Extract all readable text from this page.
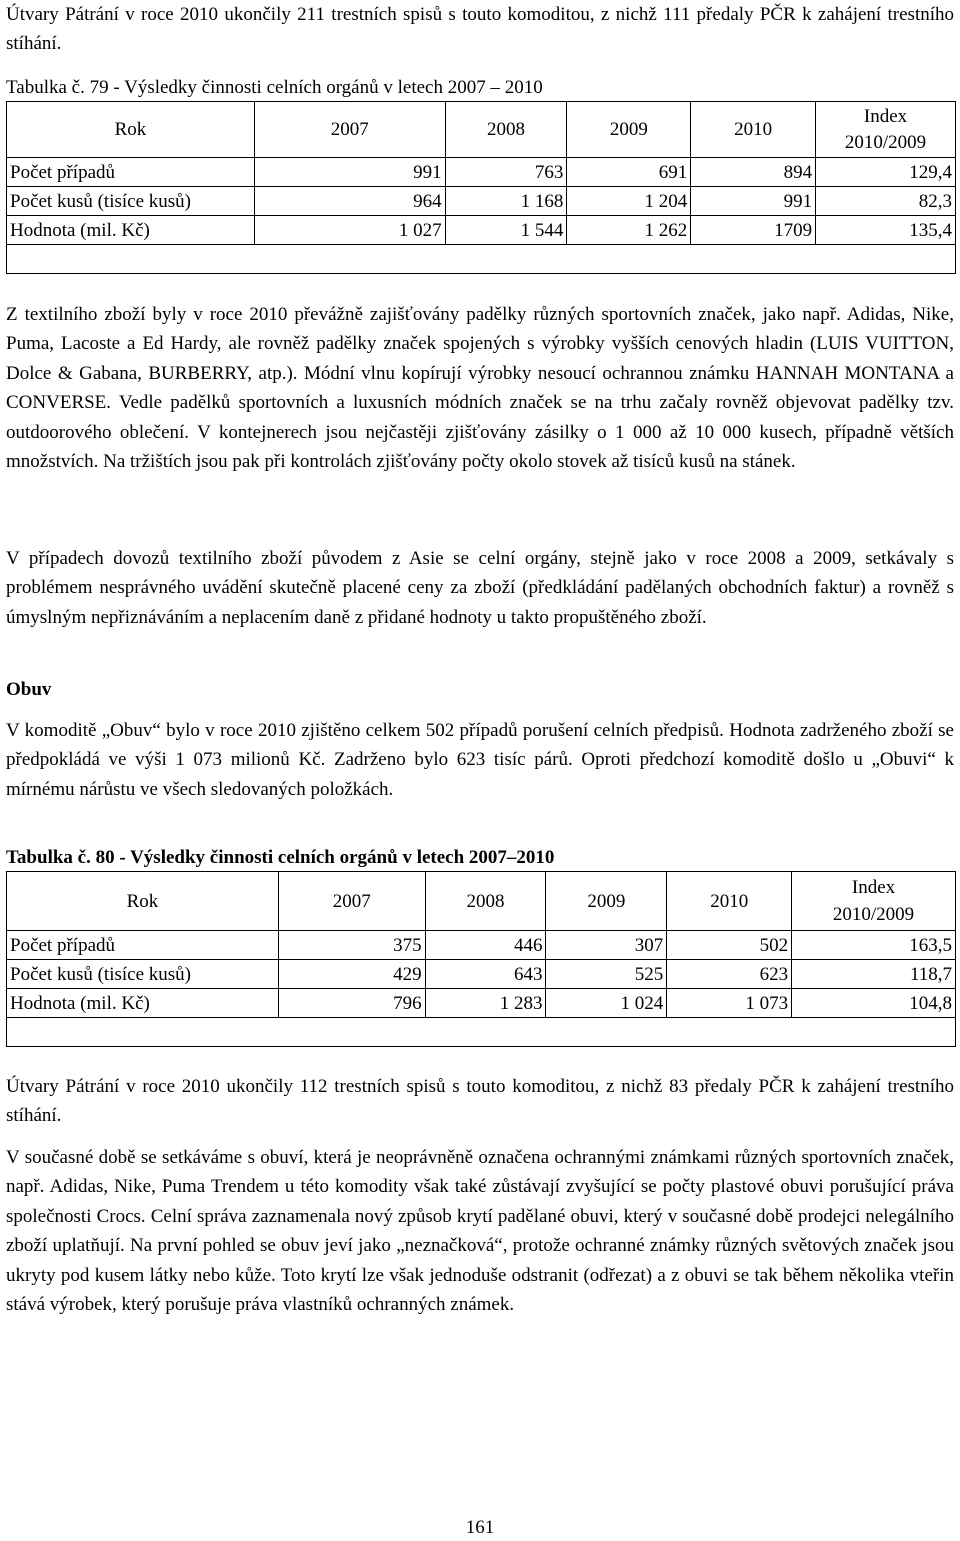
Útvary Pátrání v roce 2010 ukončily 211 trestních spisů s touto komoditou, z nichž 111 předaly PČR k zahájení trestního stíhání.

Tabulka č. 79 - Výsledky činnosti celních orgánů v letech 2007 – 2010
Rok	2007	2008	2009	2010	Index
2010/2009
Počet případů	991	763	691	894	129,4
Počet kusů (tisíce kusů)	964	1 168	1 204	991	82,3
Hodnota (mil. Kč)	1 027	1 544	1 262	1709	135,4

Z textilního zboží byly v roce 2010 převážně zajišťovány padělky různých sportovních značek, jako např. Adidas, Nike, Puma, Lacoste a Ed Hardy, ale rovněž padělky značek spojených s výrobky vyšších cenových hladin (LUIS VUITTON, Dolce & Gabana, BURBERRY, atp.). Módní vlnu kopírují výrobky nesoucí ochrannou známku HANNAH MONTANA a CONVERSE. Vedle padělků sportovních a luxusních módních značek se na trhu začaly rovněž objevovat padělky tzv. outdoorového oblečení. V kontejnerech jsou nejčastěji zjišťovány zásilky o 1 000 až 10 000 kusech, případně větších množstvích. Na tržištích jsou pak při kontrolách zjišťovány počty okolo stovek až tisíců kusů na stánek.

V případech dovozů textilního zboží původem z Asie se celní orgány, stejně jako v roce 2008 a 2009, setkávaly s problémem nesprávného uvádění skutečně placené ceny za zboží (předkládání padělaných obchodních faktur) a rovněž s úmyslným nepřiznáváním a neplacením daně z přidané hodnoty u takto propuštěného zboží.

Obuv

V komoditě „Obuv“ bylo v roce 2010 zjištěno celkem 502 případů porušení celních předpisů. Hodnota zadrženého zboží se předpokládá ve výši 1 073 milionů Kč. Zadrženo bylo 623 tisíc párů. Oproti předchozí komoditě došlo u „Obuvi“ k mírnému nárůstu ve všech sledovaných položkách.

Tabulka č. 80 - Výsledky činnosti celních orgánů v letech 2007–2010
Rok	2007	2008	2009	2010	Index
2010/2009
Počet případů	375	446	307	502	163,5
Počet kusů (tisíce kusů)	429	643	525	623	118,7
Hodnota (mil. Kč)	796	1 283	1 024	1 073	104,8

Útvary Pátrání v roce 2010 ukončily 112 trestních spisů s touto komoditou, z nichž 83 předaly PČR k zahájení trestního stíhání.

V současné době se setkáváme s obuví, která je neoprávněně označena ochrannými známkami různých sportovních značek, např. Adidas, Nike, Puma Trendem u této komodity však také zůstávají zvyšující se počty plastové obuvi porušující práva společnosti Crocs. Celní správa zaznamenala nový způsob krytí padělané obuvi, který v současné době prodejci nelegálního zboží uplatňují. Na první pohled se obuv jeví jako „neznačková“, protože ochranné známky různých světových značek jsou ukryty pod kusem látky nebo kůže. Toto krytí lze však jednoduše odstranit (odřezat) a z obuvi se tak během několika vteřin stává výrobek, který porušuje práva vlastníků ochranných známek.

161
